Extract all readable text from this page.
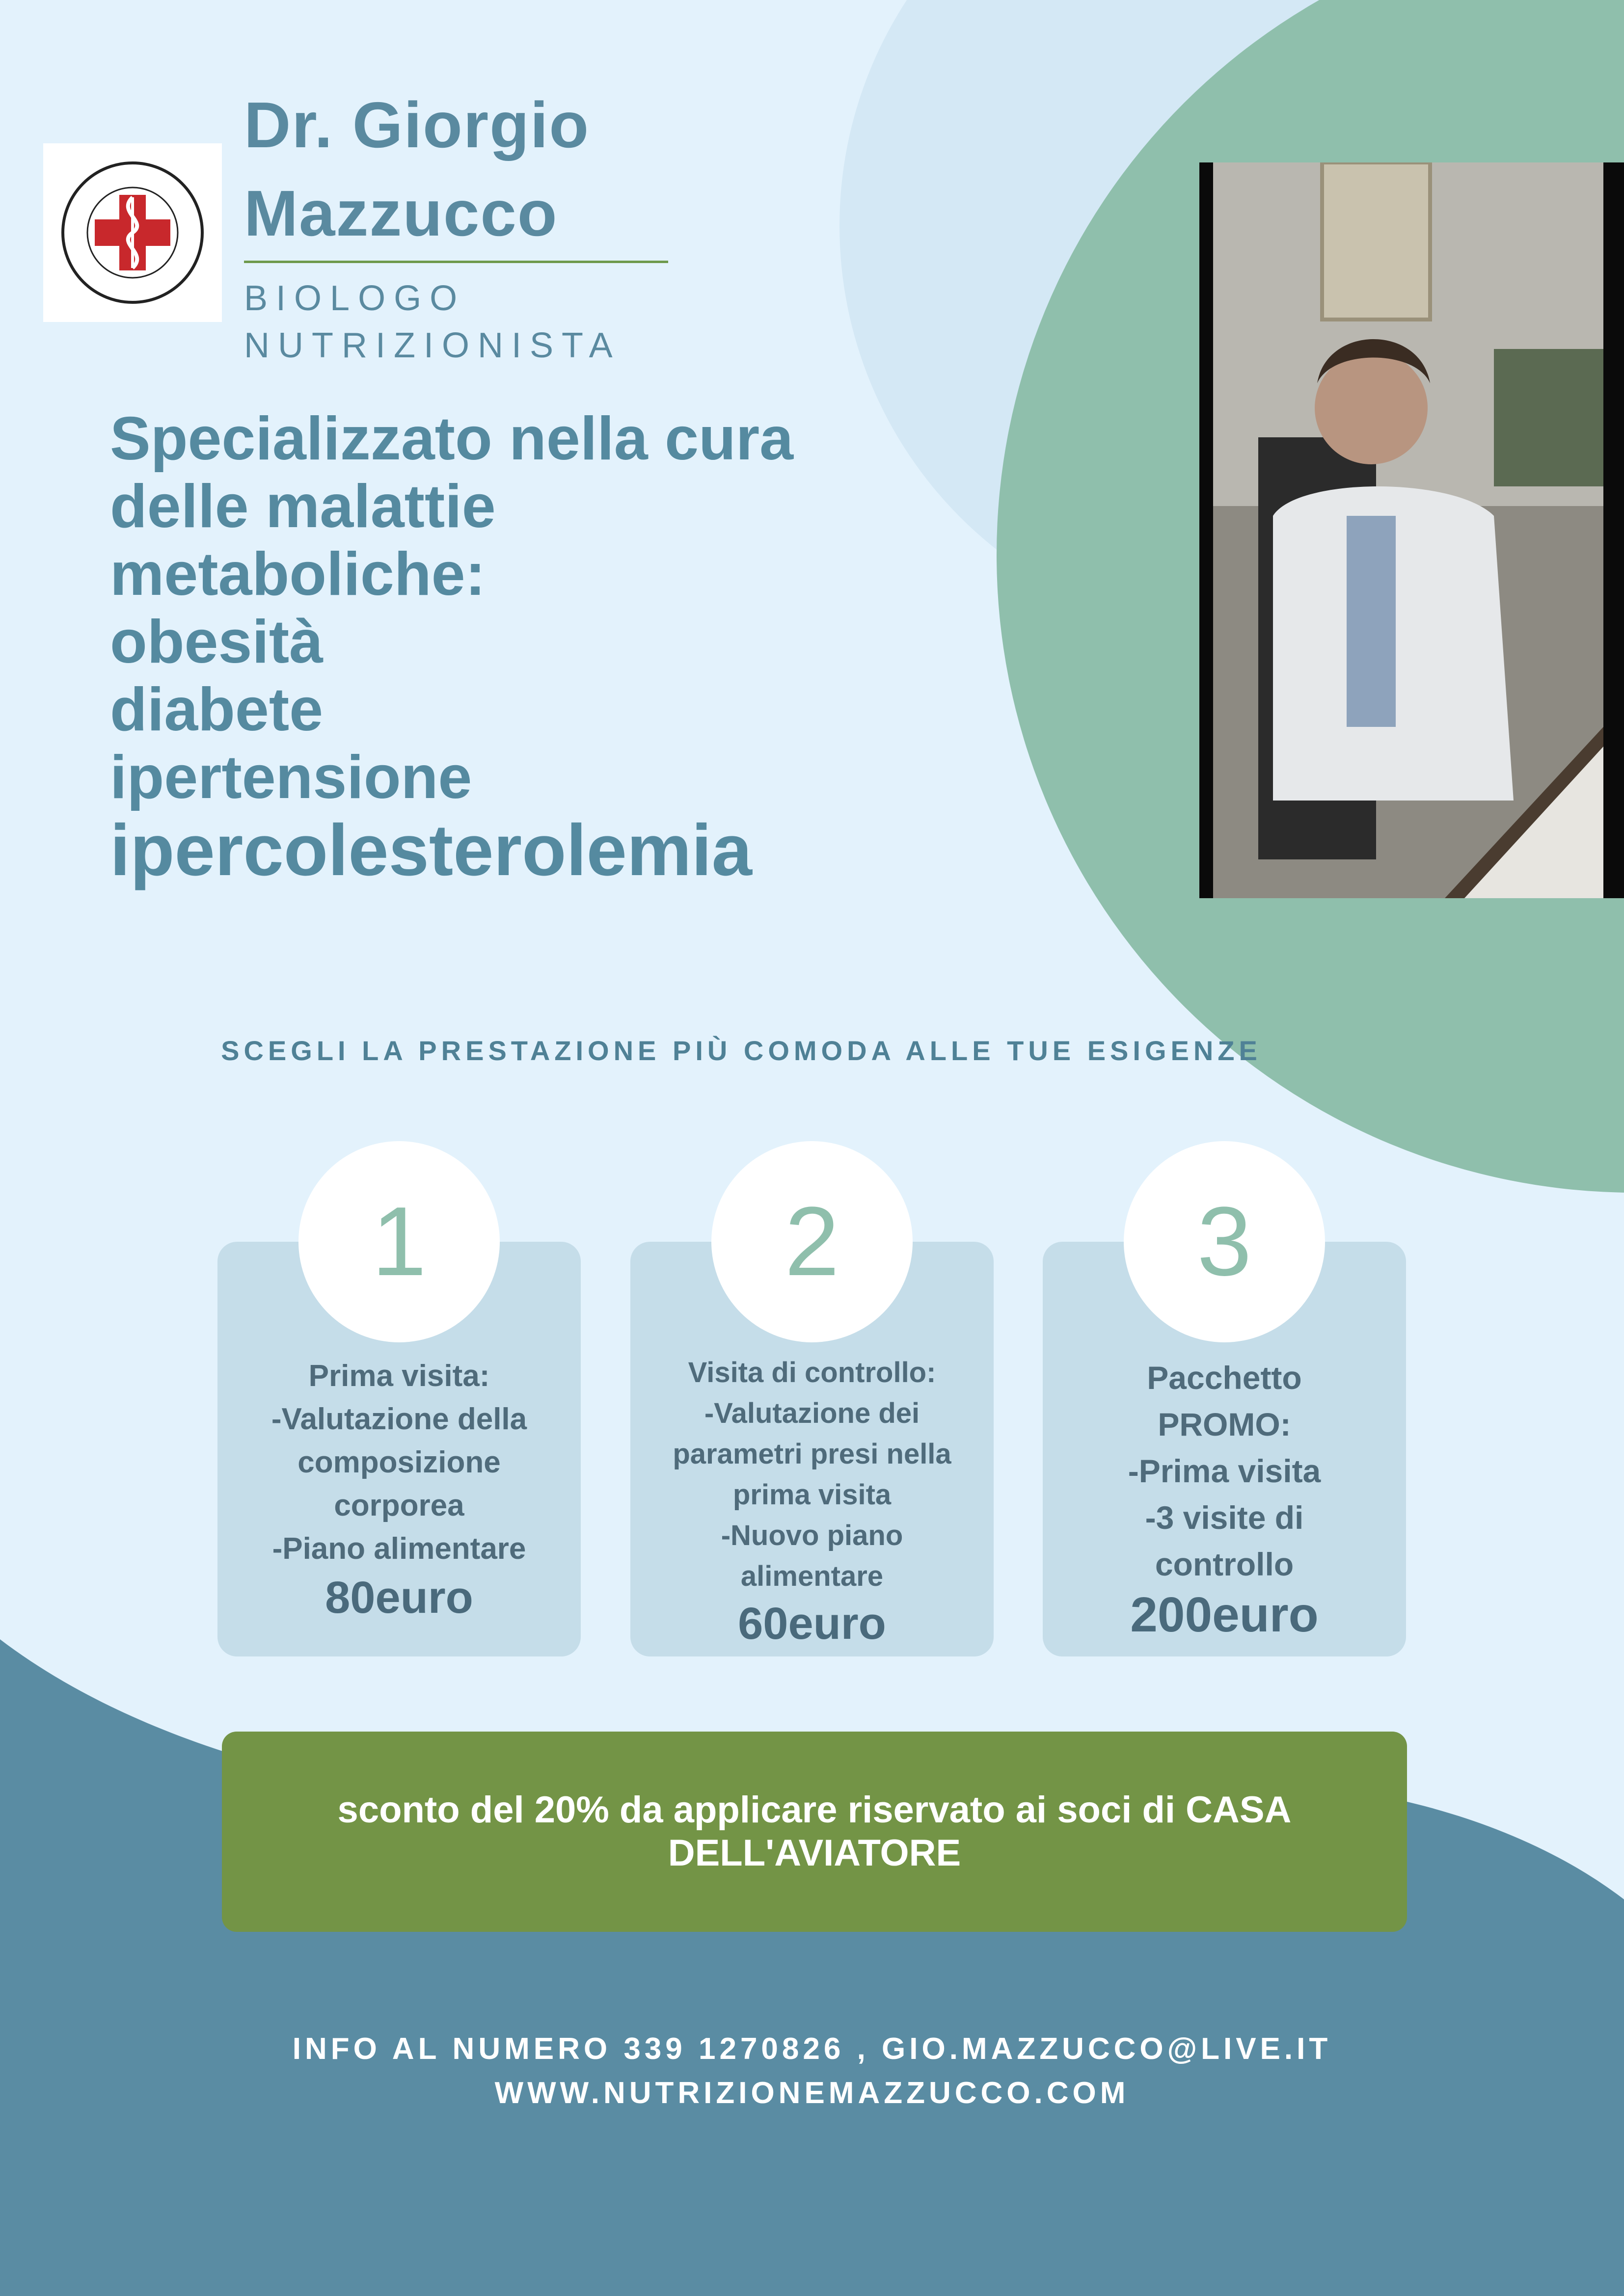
Dr. Giorgio
Mazzucco
BIOLOGO
NUTRIZIONISTA
Specializzato nella cura
delle malattie
metaboliche:
obesità
diabete
ipertensione
ipercolesterolemia
SCEGLI LA PRESTAZIONE PIÙ COMODA ALLE TUE ESIGENZE
1	2	3
Prima visita:
-Valutazione della
composizione
corporea
-Piano alimentare
80euro
Visita di controllo:
-Valutazione dei
parametri presi nella
prima visita
-Nuovo piano
alimentare
60euro
Pacchetto
PROMO:
-Prima visita
-3 visite di
controllo
200euro
sconto del 20% da applicare riservato ai soci di CASA
DELL'AVIATORE
INFO AL NUMERO 339 1270826 , GIO.MAZZUCCO@LIVE.IT
WWW.NUTRIZIONEMAZZUCCO.COM
